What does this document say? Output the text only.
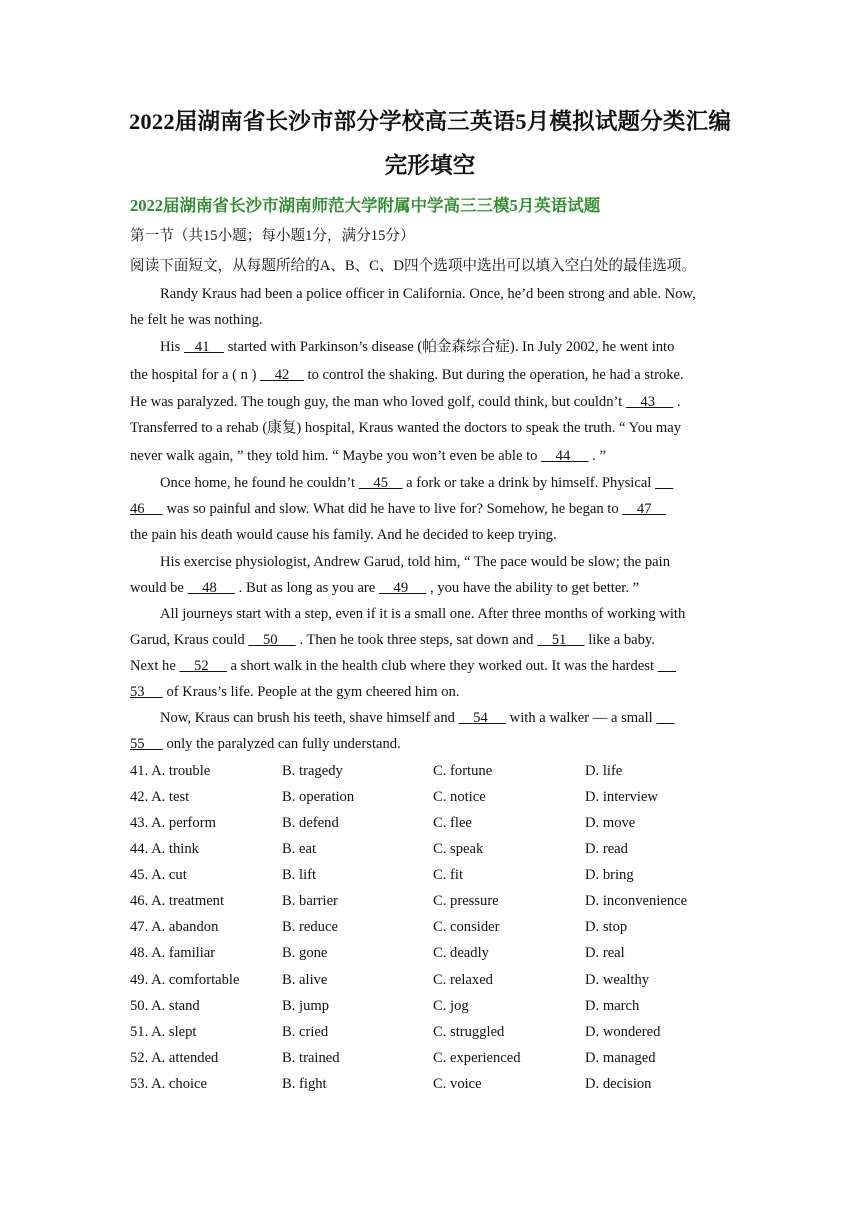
2022届湖南省长沙市部分学校高三英语5月模拟试题分类汇编
完形填空
2022届湖南省长沙市湖南师范大学附属中学高三三模5月英语试题
第一节（共15小题；每小题1分，满分15分）
阅读下面短文，从每题所给的A、B、C、D四个选项中选出可以填入空白处的最佳选项。
Randy Kraus had been a police officer in California. Once, he’d been strong and able. Now,
he felt he was nothing.
His 41 started with Parkinson’s disease (帕金森综合症). In July 2002, he went into
the hospital for a ( n ) 42 to control the shaking. But during the operation, he had a stroke.
He was paralyzed. The tough guy, the man who loved golf, could think, but couldn’t 43 .
Transferred to a rehab (康复) hospital, Kraus wanted the doctors to speak the truth. “ You may
never walk again, ” they told him. “ Maybe you won’t even be able to 44 . ”
Once home, he found he couldn’t 45 a fork or take a drink by himself. Physical
46 was so painful and slow. What did he have to live for? Somehow, he began to 47
the pain his death would cause his family. And he decided to keep trying.
His exercise physiologist, Andrew Garud, told him, “ The pace would be slow; the pain
would be 48 . But as long as you are 49 , you have the ability to get better. ”
All journeys start with a step, even if it is a small one. After three months of working with
Garud, Kraus could 50 . Then he took three steps, sat down and 51 like a baby.
Next he 52 a short walk in the health club where they worked out. It was the hardest
53 of Kraus’s life. People at the gym cheered him on.
Now, Kraus can brush his teeth, shave himself and 54 with a walker — a small
55 only the paralyzed can fully understand.
41. A. trouble	B. tragedy	C. fortune	D. life
42. A. test	B. operation	C. notice	D. interview
43. A. perform	B. defend	C. flee	D. move
44. A. think	B. eat	C. speak	D. read
45. A. cut	B. lift	C. fit	D. bring
46. A. treatment	B. barrier	C. pressure	D. inconvenience
47. A. abandon	B. reduce	C. consider	D. stop
48. A. familiar	B. gone	C. deadly	D. real
49. A. comfortable	B. alive	C. relaxed	D. wealthy
50. A. stand	B. jump	C. jog	D. march
51. A. slept	B. cried	C. struggled	D. wondered
52. A. attended	B. trained	C. experienced	D. managed
53. A. choice	B. fight	C. voice	D. decision
